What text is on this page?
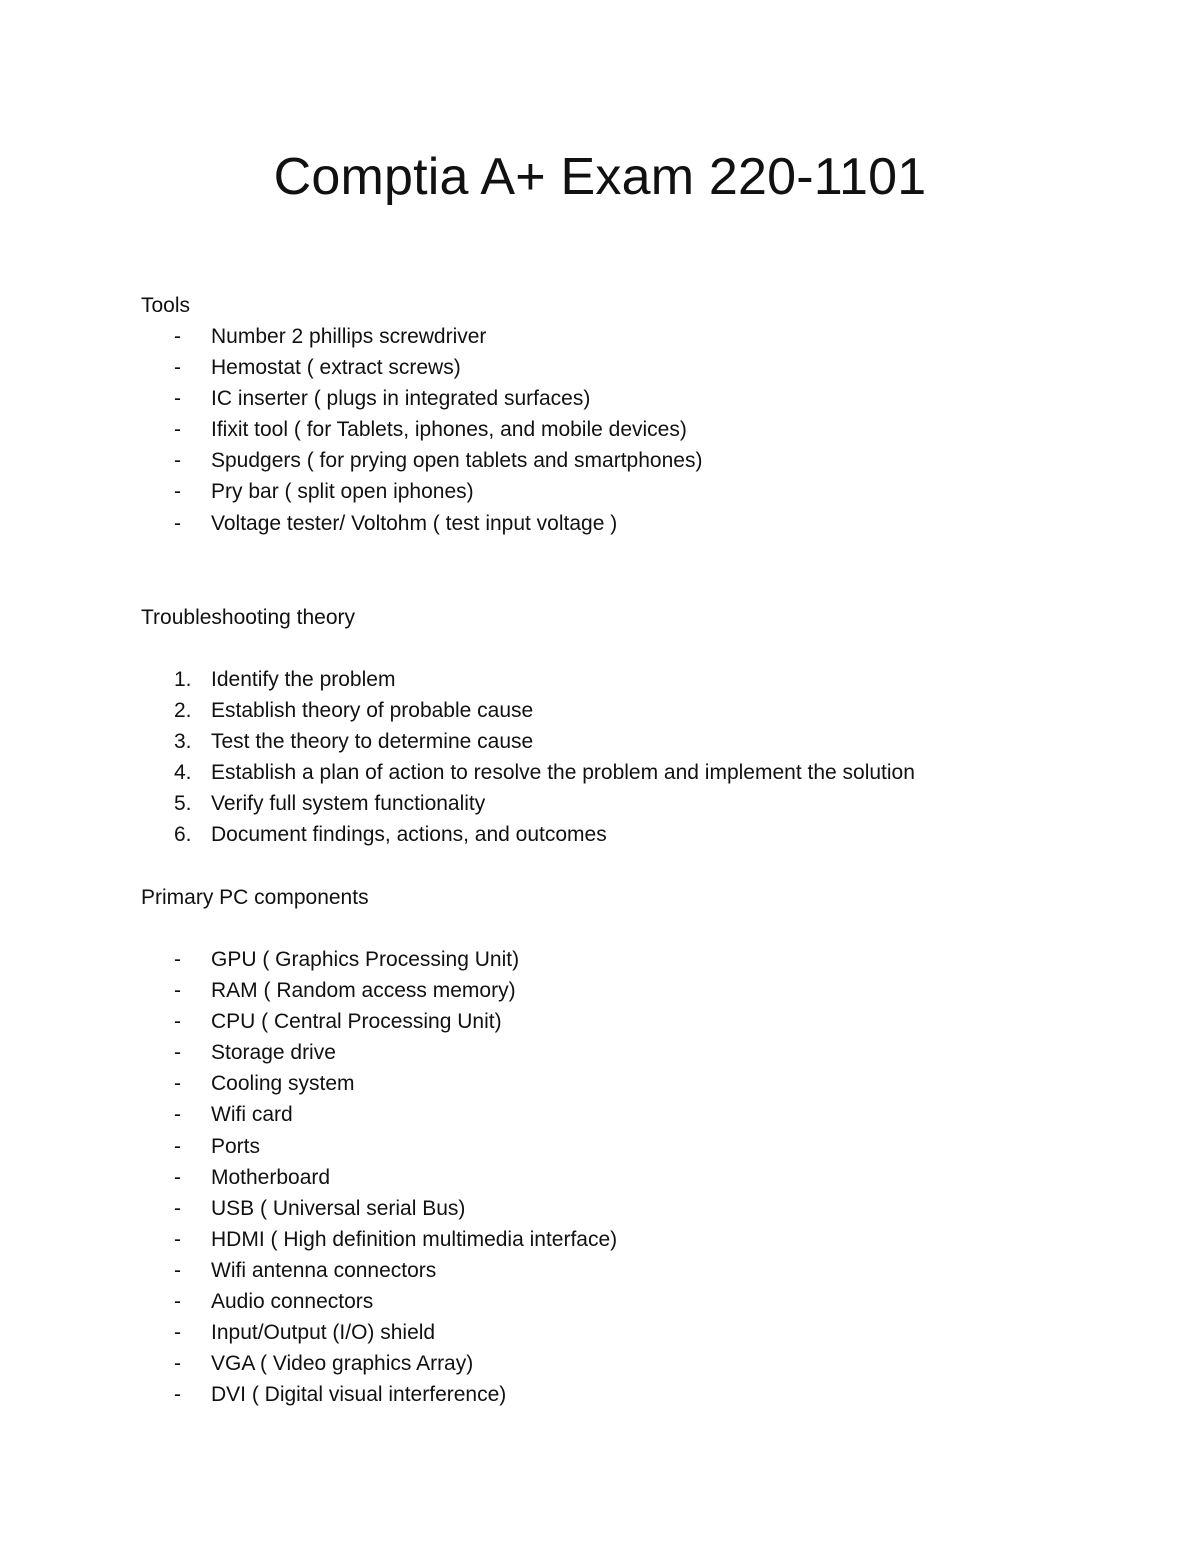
Comptia A+ Exam 220-1101
Tools
-	Number 2 phillips screwdriver
-	Hemostat ( extract screws)
-	IC inserter ( plugs in integrated surfaces)
-	Ifixit tool ( for Tablets, iphones, and mobile devices)
-	Spudgers ( for prying open tablets and smartphones)
-	Pry bar ( split open iphones)
-	Voltage tester/ Voltohm ( test input voltage )
Troubleshooting theory
1. Identify the problem
2. Establish theory of probable cause
3. Test the theory to determine cause
4. Establish a plan of action to resolve the problem and implement the solution
5. Verify full system functionality
6. Document findings, actions, and outcomes
Primary PC components
-	GPU ( Graphics Processing Unit)
-	RAM ( Random access memory)
-	CPU ( Central Processing Unit)
-	Storage drive
-	Cooling system
-	Wifi card
-	Ports
-	Motherboard
-	USB ( Universal serial Bus)
-	HDMI ( High definition multimedia interface)
-	Wifi antenna connectors
-	Audio connectors
-	Input/Output (I/O) shield
-	VGA ( Video graphics Array)
-	DVI ( Digital visual interference)
